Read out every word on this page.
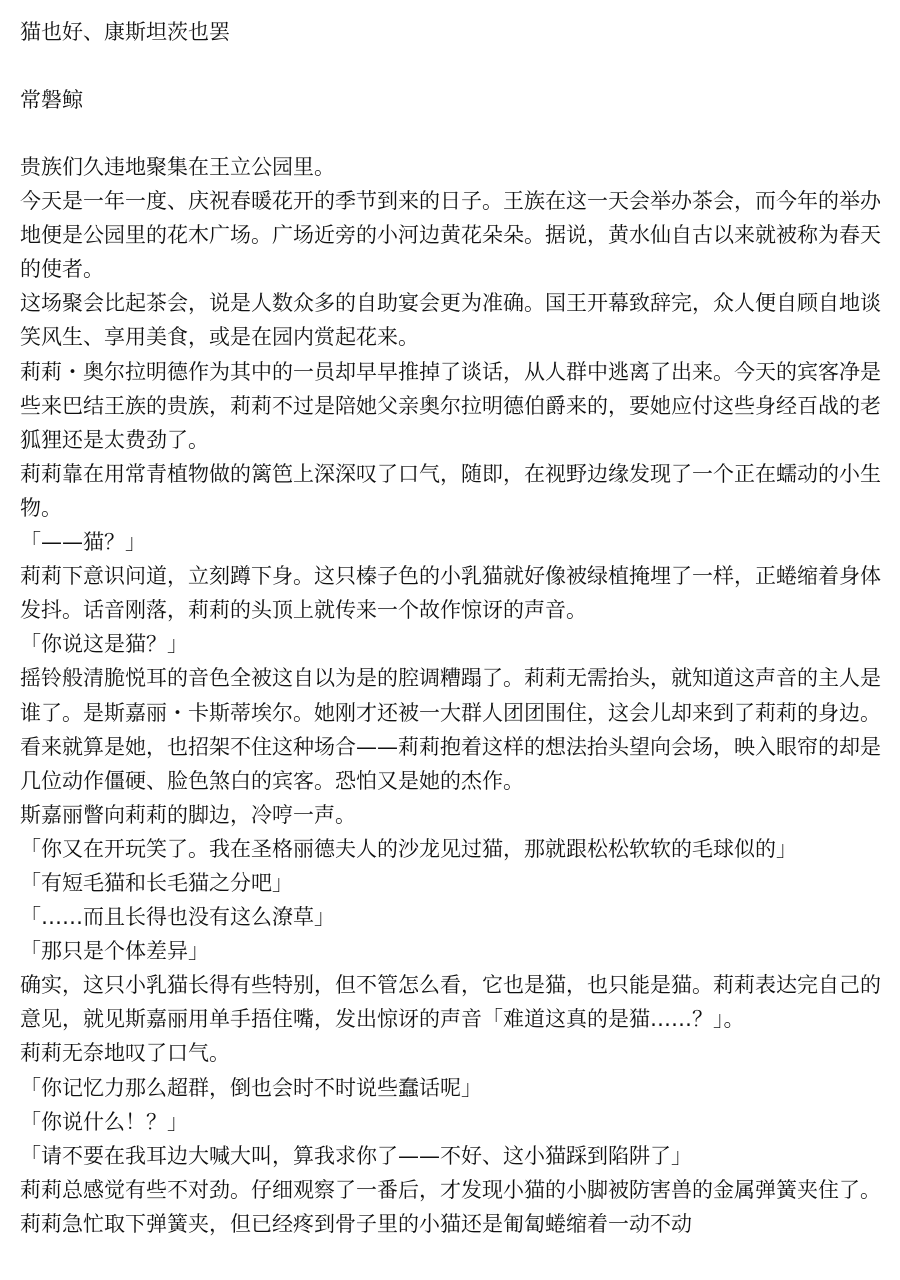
猫也好、康斯坦茨也罢
常磐鲸

贵族们久违地聚集在王立公园里。

今天是一年一度、庆祝春暖花开的季节到来的日子。王族在这一天会举办茶会，而今年的举办地便是公园里的花木广场。广场近旁的小河边黄花朵朵。据说，黄水仙自古以来就被称为春天的使者。

这场聚会比起茶会，说是人数众多的自助宴会更为准确。国王开幕致辞完，众人便自顾自地谈笑风生、享用美食，或是在园内赏起花来。

莉莉・奥尔拉明德作为其中的一员却早早推掉了谈话，从人群中逃离了出来。今天的宾客净是些来巴结王族的贵族，莉莉不过是陪她父亲奥尔拉明德伯爵来的，要她应付这些身经百战的老狐狸还是太费劲了。

莉莉靠在用常青植物做的篱笆上深深叹了口气，随即，在视野边缘发现了一个正在蠕动的小生物。

「——猫？」

莉莉下意识问道，立刻蹲下身。这只榛子色的小乳猫就好像被绿植掩埋了一样，正蜷缩着身体发抖。话音刚落，莉莉的头顶上就传来一个故作惊讶的声音。

「你说这是猫？」

摇铃般清脆悦耳的音色全被这自以为是的腔调糟蹋了。莉莉无需抬头，就知道这声音的主人是谁了。是斯嘉丽・卡斯蒂埃尔。她刚才还被一大群人团团围住，这会儿却来到了莉莉的身边。看来就算是她，也招架不住这种场合——莉莉抱着这样的想法抬头望向会场，映入眼帘的却是几位动作僵硬、脸色煞白的宾客。恐怕又是她的杰作。

斯嘉丽瞥向莉莉的脚边，冷哼一声。

「你又在开玩笑了。我在圣格丽德夫人的沙龙见过猫，那就跟松松软软的毛球似的」

「有短毛猫和长毛猫之分吧」

「……而且长得也没有这么潦草」

「那只是个体差异」

确实，这只小乳猫长得有些特别，但不管怎么看，它也是猫，也只能是猫。莉莉表达完自己的意见，就见斯嘉丽用单手捂住嘴，发出惊讶的声音「难道这真的是猫……？」。

莉莉无奈地叹了口气。

「你记忆力那么超群，倒也会时不时说些蠢话呢」

「你说什么！？」

「请不要在我耳边大喊大叫，算我求你了——不好、这小猫踩到陷阱了」

莉莉总感觉有些不对劲。仔细观察了一番后，才发现小猫的小脚被防害兽的金属弹簧夹住了。莉莉急忙取下弹簧夹，但已经疼到骨子里的小猫还是匍匐蜷缩着一动不动
